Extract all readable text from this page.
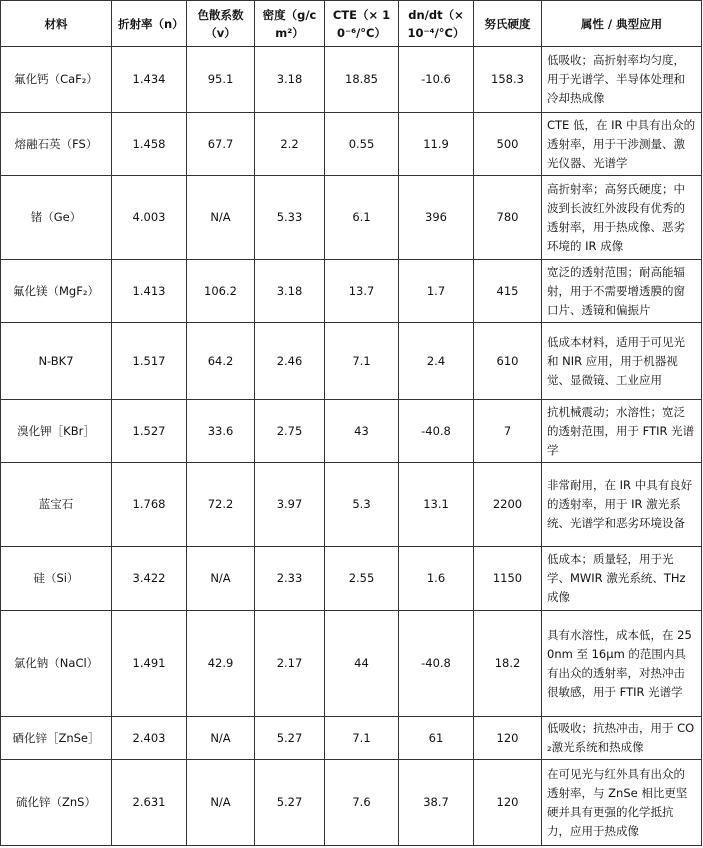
材料	折射率（n）	色散系数（v）	密度（g/cm²）	CTE（× 10⁻⁶/°C）	dn/dt（× 10⁻⁴/°C）	努氏硬度	属性 / 典型应用
氟化钙（CaF₂）	1.434	95.1	3.18	18.85	-10.6	158.3	低吸收；高折射率均匀度，用于光谱学、半导体处理和冷却热成像
熔融石英（FS）	1.458	67.7	2.2	0.55	11.9	500	CTE 低，在 IR 中具有出众的透射率，用于干涉测量、激光仪器、光谱学
锗（Ge）	4.003	N/A	5.33	6.1	396	780	高折射率；高努氏硬度；中波到长波红外波段有优秀的透射率，用于热成像、恶劣环境的 IR 成像
氟化镁（MgF₂）	1.413	106.2	3.18	13.7	1.7	415	宽泛的透射范围；耐高能辐射，用于不需要增透膜的窗口片、透镜和偏振片
N-BK7	1.517	64.2	2.46	7.1	2.4	610	低成本材料，适用于可见光和 NIR 应用，用于机器视觉、显微镜、工业应用
溴化钾［KBr］	1.527	33.6	2.75	43	-40.8	7	抗机械震动；水溶性；宽泛的透射范围，用于 FTIR 光谱学
蓝宝石	1.768	72.2	3.97	5.3	13.1	2200	非常耐用，在 IR 中具有良好的透射率，用于 IR 激光系统、光谱学和恶劣环境设备
硅（Si）	3.422	N/A	2.33	2.55	1.6	1150	低成本；质量轻，用于光学、MWIR 激光系统、THz 成像
氯化钠（NaCl）	1.491	42.9	2.17	44	-40.8	18.2	具有水溶性，成本低，在 250nm 至 16μm 的范围内具有出众的透射率，对热冲击很敏感，用于 FTIR 光谱学
硒化锌［ZnSe］	2.403	N/A	5.27	7.1	61	120	低吸收；抗热冲击，用于 CO₂激光系统和热成像
硫化锌（ZnS）	2.631	N/A	5.27	7.6	38.7	120	在可见光与红外具有出众的透射率，与 ZnSe 相比更坚硬并具有更强的化学抵抗力，应用于热成像
